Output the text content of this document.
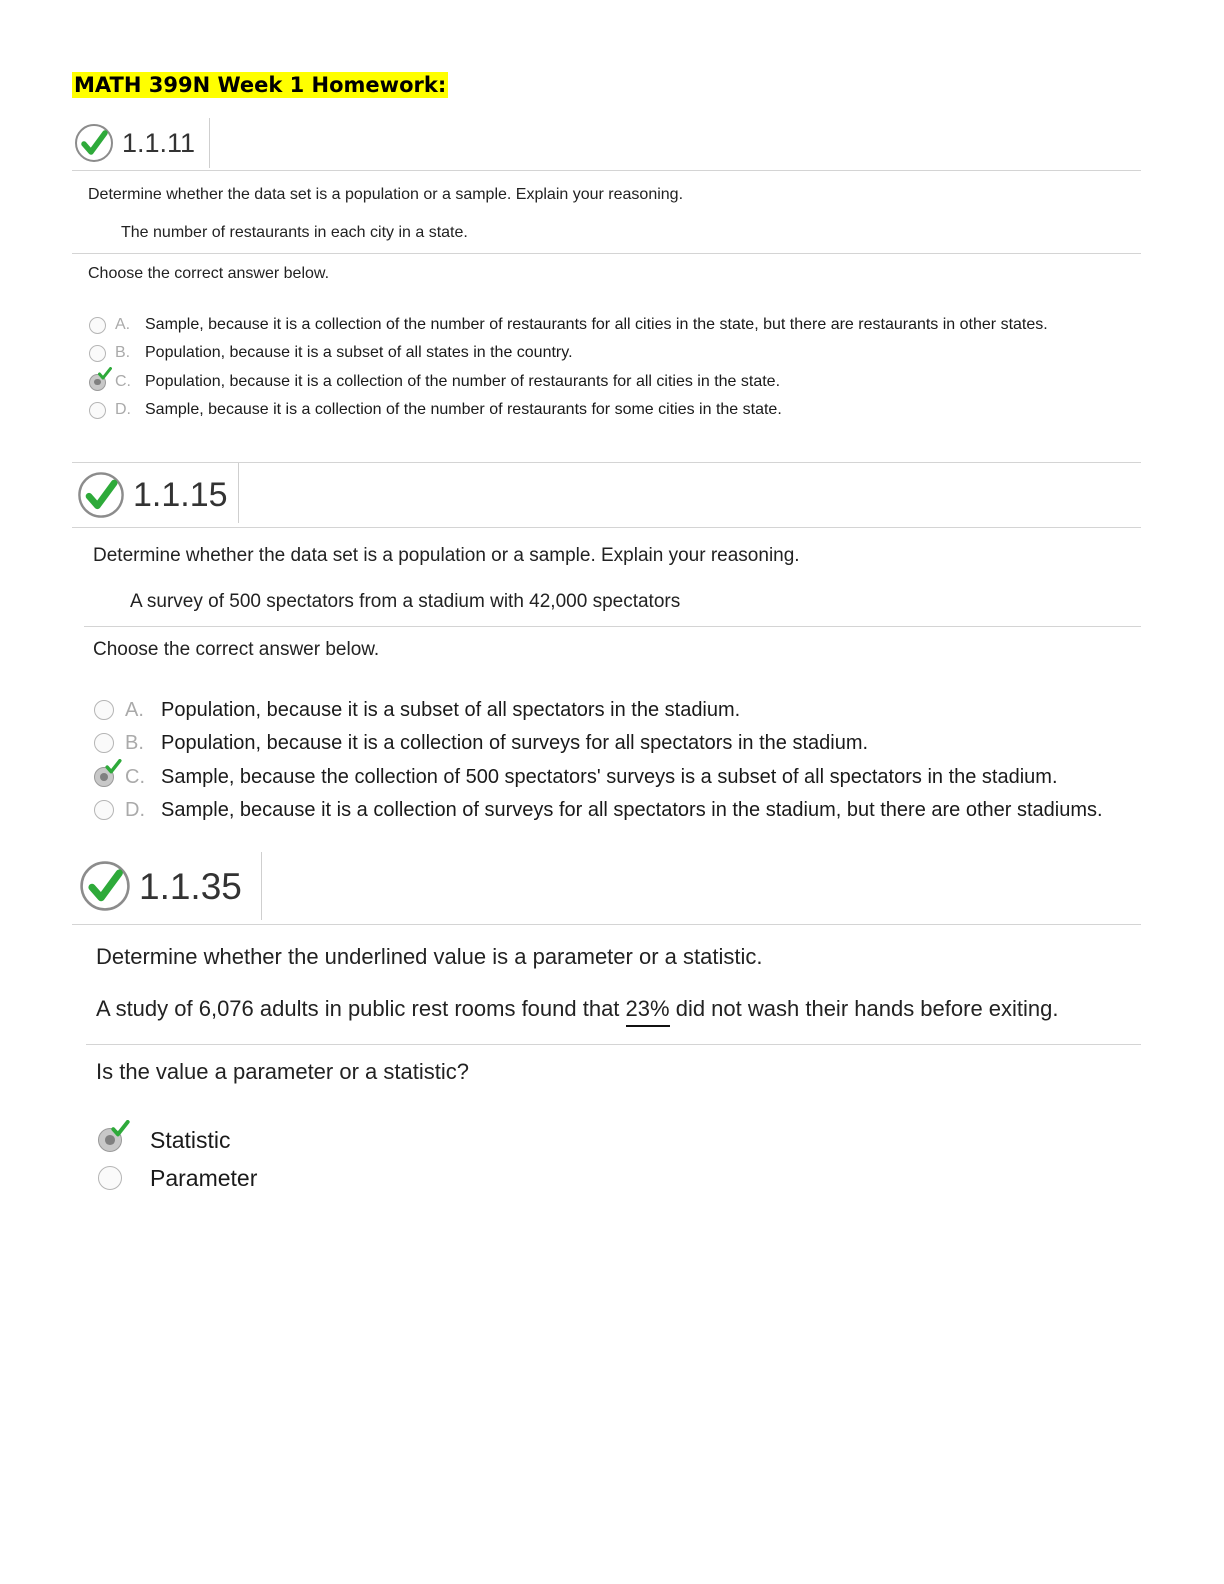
MATH 399N Week 1 Homework:
1.1.11
Determine whether the data set is a population or a sample. Explain your reasoning.
The number of restaurants in each city in a state.
Choose the correct answer below.
A. Sample, because it is a collection of the number of restaurants for all cities in the state, but there are restaurants in other states.
B. Population, because it is a subset of all states in the country.
C. Population, because it is a collection of the number of restaurants for all cities in the state.
D. Sample, because it is a collection of the number of restaurants for some cities in the state.
1.1.15
Determine whether the data set is a population or a sample. Explain your reasoning.
A survey of 500 spectators from a stadium with 42,000 spectators
Choose the correct answer below.
A. Population, because it is a subset of all spectators in the stadium.
B. Population, because it is a collection of surveys for all spectators in the stadium.
C. Sample, because the collection of 500 spectators' surveys is a subset of all spectators in the stadium.
D. Sample, because it is a collection of surveys for all spectators in the stadium, but there are other stadiums.
1.1.35
Determine whether the underlined value is a parameter or a statistic.
A study of 6,076 adults in public rest rooms found that 23% did not wash their hands before exiting.
Is the value a parameter or a statistic?
Statistic
Parameter
